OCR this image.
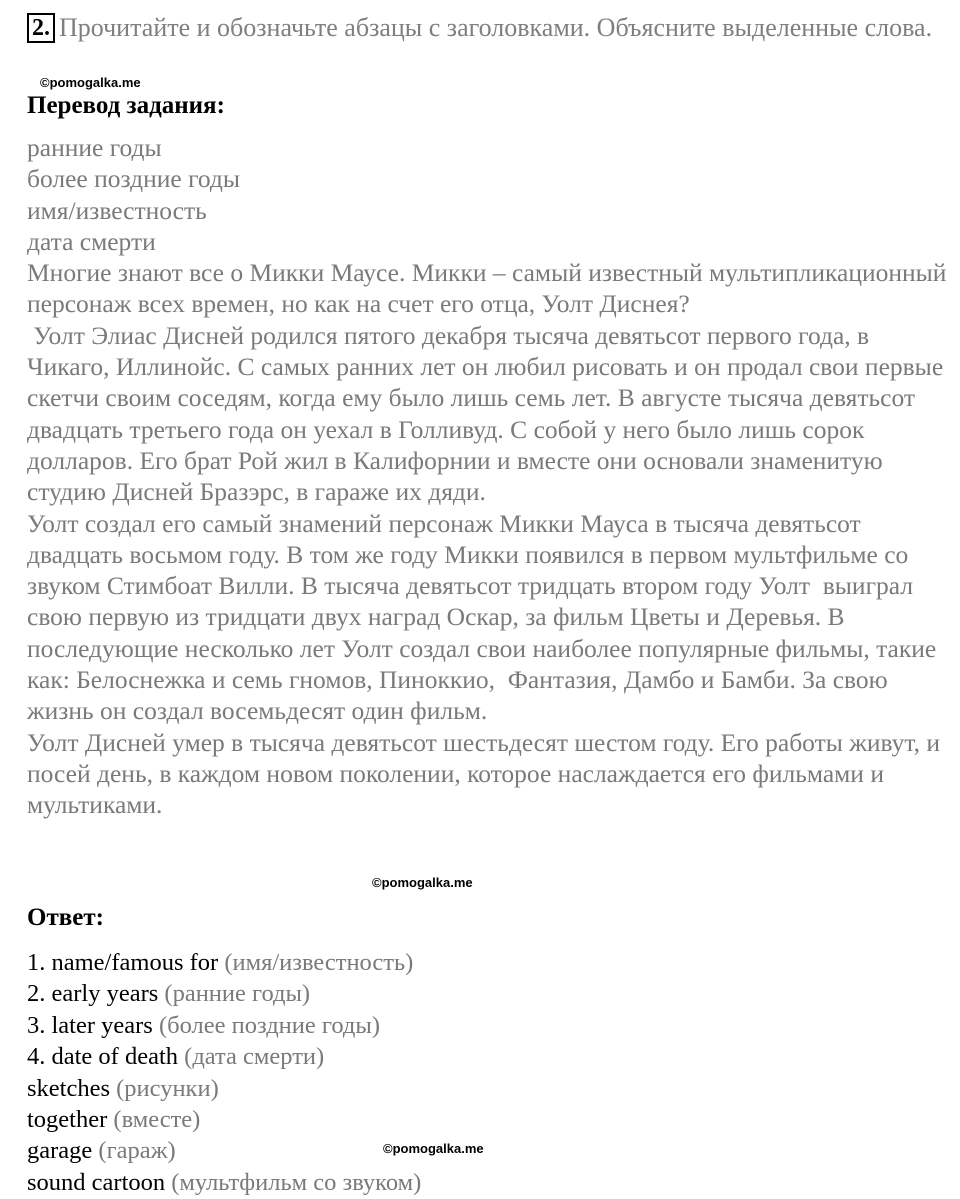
2. Прочитайте и обозначьте абзацы с заголовками. Объясните выделенные слова.
©pomogalka.me
Перевод задания:

ранние годы

более поздние годы

имя/известность

дата смерти

Многие знают все о Микки Маусе. Микки – самый известный мультипликационный персонаж всех времен, но как на счет его отца, Уолт Диснея?

Уолт Элиас Дисней родился пятого декабря тысяча девятьсот первого года, в Чикаго, Иллинойс. С самых ранних лет он любил рисовать и он продал свои первые скетчи своим соседям, когда ему было лишь семь лет. В августе тысяча девятьсот двадцать третьего года он уехал в Голливуд. С собой у него было лишь сорок долларов. Его брат Рой жил в Калифорнии и вместе они основали знаменитую студию Дисней Бразэрс, в гараже их дяди.

Уолт создал его самый знамений персонаж Микки Мауса в тысяча девятьсот двадцать восьмом году. В том же году Микки появился в первом мультфильме со звуком Стимбоат Вилли. В тысяча девятьсот тридцать втором году Уолт  выиграл свою первую из тридцати двух наград Оскар, за фильм Цветы и Деревья. В последующие несколько лет Уолт создал свои наиболее популярные фильмы, такие как: Белоснежка и семь гномов, Пиноккио,  Фантазия, Дамбо и Бамби. За свою жизнь он создал восемьдесят один фильм.

Уолт Дисней умер в тысяча девятьсот шестьдесят шестом году. Его работы живут, и посей день, в каждом новом поколении, которое наслаждается его фильмами и мультиками.

©pomogalka.me
Ответ:
1. name/famous for (имя/известность)
2. early years (ранние годы)
3. later years (более поздние годы)
4. date of death (дата смерти)
sketches (рисунки)
together (вместе)
garage (гараж)
sound cartoon (мультфильм со звуком)
©pomogalka.me
